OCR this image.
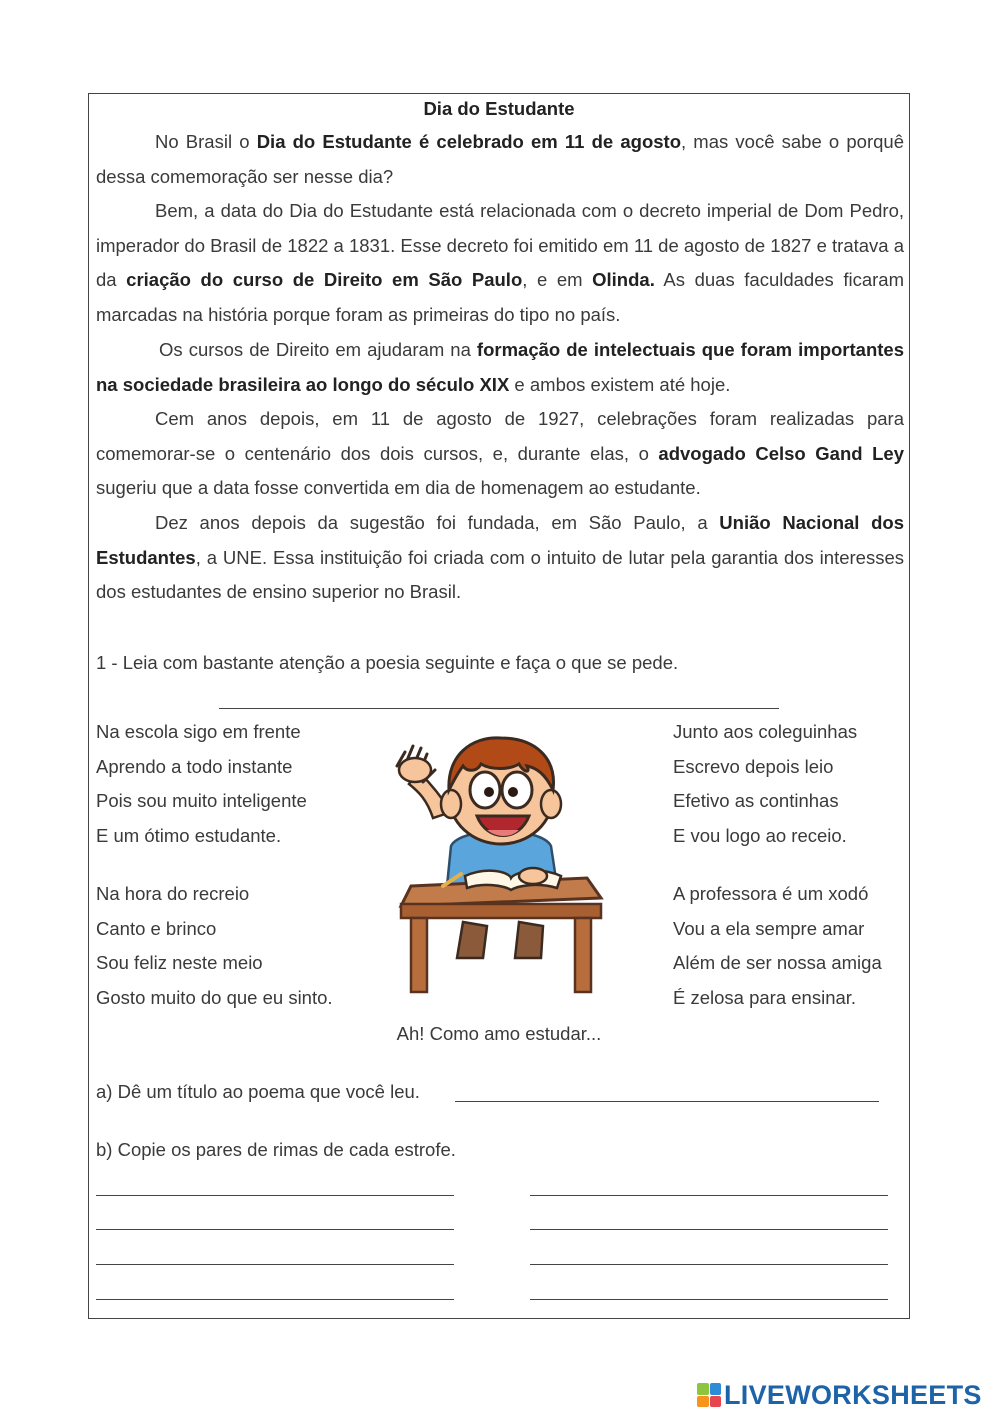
Dia do Estudante
No Brasil o Dia do Estudante é celebrado em 11 de agosto, mas você sabe o porquê dessa comemoração ser nesse dia?
Bem, a data do Dia do Estudante está relacionada com o decreto imperial de Dom Pedro, imperador do Brasil de 1822 a 1831. Esse decreto foi emitido em 11 de agosto de 1827 e tratava a da criação do curso de Direito em São Paulo, e em Olinda. As duas faculdades ficaram marcadas na história porque foram as primeiras do tipo no país.
Os cursos de Direito em ajudaram na formação de intelectuais que foram importantes na sociedade brasileira ao longo do século XIX e ambos existem até hoje.
Cem anos depois, em 11 de agosto de 1927, celebrações foram realizadas para comemorar-se o centenário dos dois cursos, e, durante elas, o advogado Celso Gand Ley sugeriu que a data fosse convertida em dia de homenagem ao estudante.
Dez anos depois da sugestão foi fundada, em São Paulo, a União Nacional dos Estudantes, a UNE. Essa instituição foi criada com o intuito de lutar pela garantia dos interesses dos estudantes de ensino superior no Brasil.
1 - Leia com bastante atenção a poesia seguinte e faça o que se pede.
Na escola sigo em frente
Aprendo a todo instante
Pois sou muito inteligente
E um ótimo estudante.
Junto aos coleguinhas
Escrevo depois leio
Efetivo as continhas
E vou logo ao receio.
Na hora do recreio
Canto e brinco
Sou feliz neste meio
Gosto muito do que eu sinto.
A professora é um xodó
Vou a ela sempre amar
Além de ser nossa amiga
É zelosa para ensinar.
Ah! Como amo estudar...
a) Dê um título ao poema que você leu.
b) Copie os pares de rimas de cada estrofe.
LIVEWORKSHEETS
